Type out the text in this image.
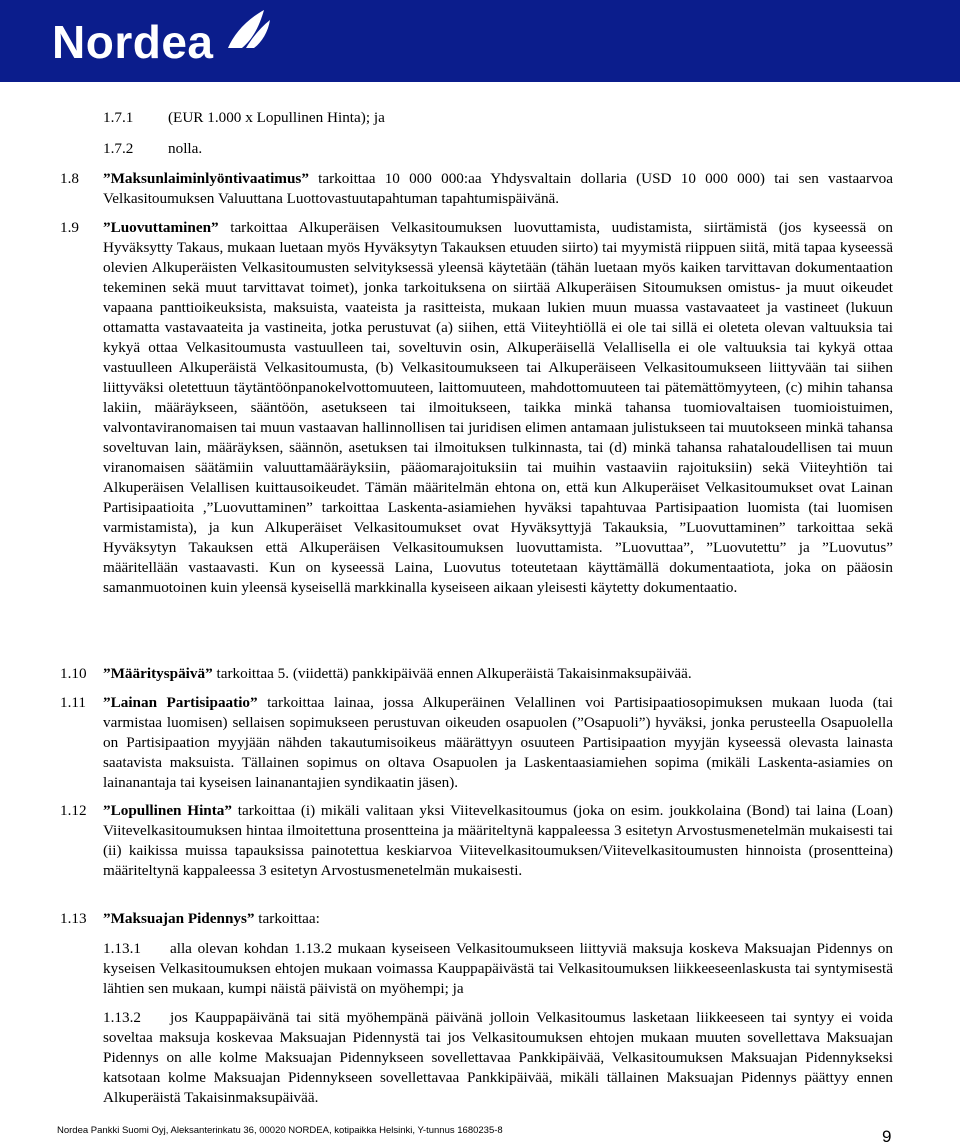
Nordea
1.7.1 (EUR 1.000 x Lopullinen Hinta); ja
1.7.2 nolla.
1.8 ”Maksunlaiminlyöntivaatimus” tarkoittaa 10 000 000:aa Yhdysvaltain dollaria (USD 10 000 000) tai sen vastaarvoa Velkasitoumuksen Valuuttana Luottovastuutapahtuman tapahtumispäivänä.
1.9 ”Luovuttaminen” tarkoittaa Alkuperäisen Velkasitoumuksen luovuttamista, uudistamista, siirtämistä (jos kyseessä on Hyväksytty Takaus, mukaan luetaan myös Hyväksytyn Takauksen etuuden siirto) tai myymistä riippuen siitä, mitä tapaa kyseessä olevien Alkuperäisten Velkasitoumusten selvityksessä yleensä käytetään (tähän luetaan myös kaiken tarvittavan dokumentaation tekeminen sekä muut tarvittavat toimet), jonka tarkoituksena on siirtää Alkuperäisen Sitoumuksen omistus- ja muut oikeudet vapaana panttioikeuksista, maksuista, vaateista ja rasitteista, mukaan lukien muun muassa vastavaateet ja vastineet (lukuun ottamatta vastavaateita ja vastineita, jotka perustuvat (a) siihen, että Viiteyhtiöllä ei ole tai sillä ei oleteta olevan valtuuksia tai kykyä ottaa Velkasitoumusta vastuulleen tai, soveltuvin osin, Alkuperäisellä Velallisella ei ole valtuuksia tai kykyä ottaa vastuulleen Alkuperäistä Velkasitoumusta, (b) Velkasitoumukseen tai Alkuperäiseen Velkasitoumukseen liittyvään tai siihen liittyväksi oletettuun täytäntöönpanokelvottomuuteen, laittomuuteen, mahdottomuuteen tai pätemättömyyteen, (c) mihin tahansa lakiin, määräykseen, sääntöön, asetukseen tai ilmoitukseen, taikka minkä tahansa tuomiovaltaisen tuomioistuimen, valvontaviranomaisen tai muun vastaavan hallinnollisen tai juridisen elimen antamaan julistukseen tai muutokseen minkä tahansa soveltuvan lain, määräyksen, säännön, asetuksen tai ilmoituksen tulkinnasta, tai (d) minkä tahansa rahataloudellisen tai muun viranomaisen säätämiin valuuttamääräyksiin, pääomarajoituksiin tai muihin vastaaviin rajoituksiin) sekä Viiteyhtiön tai Alkuperäisen Velallisen kuittausoikeudet. Tämän määritelmän ehtona on, että kun Alkuperäiset Velkasitoumukset ovat Lainan Partisipaatioita ,”Luovuttaminen” tarkoittaa Laskenta-asiamiehen hyväksi tapahtuvaa Partisipaation luomista (tai luomisen varmistamista), ja kun Alkuperäiset Velkasitoumukset ovat Hyväksyttyjä Takauksia, ”Luovuttaminen” tarkoittaa sekä Hyväksytyn Takauksen että Alkuperäisen Velkasitoumuksen luovuttamista. ”Luovuttaa”, ”Luovutettu” ja ”Luovutus” määritellään vastaavasti. Kun on kyseessä Laina, Luovutus toteutetaan käyttämällä dokumentaatiota, joka on pääosin samanmuotoinen kuin yleensä kyseisellä markkinalla kyseiseen aikaan yleisesti käytetty dokumentaatio.
1.10 ”Määrityspäivä” tarkoittaa 5. (viidettä) pankkipäivää ennen Alkuperäistä Takaisinmaksupäivää.
1.11 ”Lainan Partisipaatio” tarkoittaa lainaa, jossa Alkuperäinen Velallinen voi Partisipaatiosopimuksen mukaan luoda (tai varmistaa luomisen) sellaisen sopimukseen perustuvan oikeuden osapuolen (”Osapuoli”) hyväksi, jonka perusteella Osapuolella on Partisipaation myyjään nähden takautumisoikeus määrättyyn osuuteen Partisipaation myyjän kyseessä olevasta lainasta saatavista maksuista. Tällainen sopimus on oltava Osapuolen ja Laskentaasiamiehen sopima (mikäli Laskenta-asiamies on lainanantaja tai kyseisen lainanantajien syndikaatin jäsen).
1.12 ”Lopullinen Hinta” tarkoittaa (i) mikäli valitaan yksi Viitevelkasitoumus (joka on esim. joukkolaina (Bond) tai laina (Loan) Viitevelkasitoumuksen hintaa ilmoitettuna prosentteina ja määriteltynä kappaleessa 3 esitetyn Arvostusmenetelmän mukaisesti tai (ii) kaikissa muissa tapauksissa painotettua keskiarvoa Viitevelkasitoumuksen/Viitevelkasitoumusten hinnoista (prosentteina) määriteltynä kappaleessa 3 esitetyn Arvostusmenetelmän mukaisesti.
1.13 ”Maksuajan Pidennys” tarkoittaa:
1.13.1 alla olevan kohdan 1.13.2 mukaan kyseiseen Velkasitoumukseen liittyviä maksuja koskeva Maksuajan Pidennys on kyseisen Velkasitoumuksen ehtojen mukaan voimassa Kauppapäivästä tai Velkasitoumuksen liikkeeseenlaskusta tai syntymisestä lähtien sen mukaan, kumpi näistä päivistä on myöhempi; ja
1.13.2 jos Kauppapäivänä tai sitä myöhempänä päivänä jolloin Velkasitoumus lasketaan liikkeeseen tai syntyy ei voida soveltaa maksuja koskevaa Maksuajan Pidennystä tai jos Velkasitoumuksen ehtojen mukaan muuten sovellettava Maksuajan Pidennys on alle kolme Maksuajan Pidennykseen sovellettavaa Pankkipäivää, Velkasitoumuksen Maksuajan Pidennykseksi katsotaan kolme Maksuajan Pidennykseen sovellettavaa Pankkipäivää, mikäli tällainen Maksuajan Pidennys päättyy ennen Alkuperäistä Takaisinmaksupäivää.
Nordea Pankki Suomi Oyj, Aleksanterinkatu 36, 00020 NORDEA, kotipaikka Helsinki, Y-tunnus 1680235-8	9
